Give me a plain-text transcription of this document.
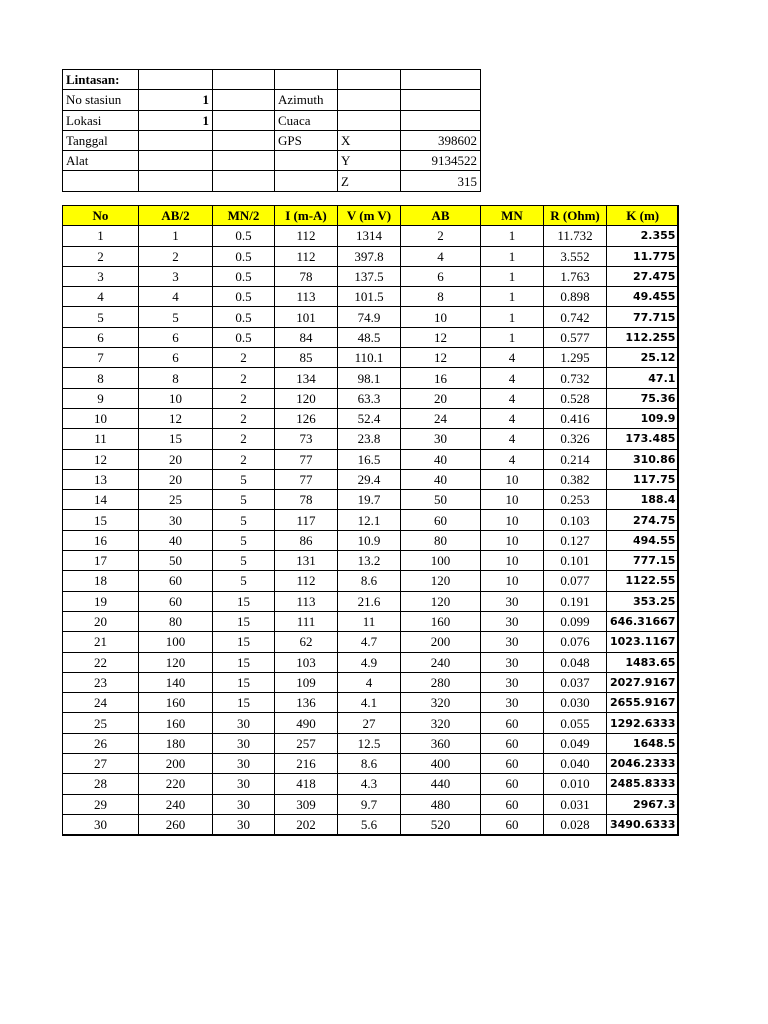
Lintasan:					
No stasiun	1		Azimuth		
Lokasi	1		Cuaca		
Tanggal			GPS	X	398602
Alat				Y	9134522
				Z	315
No	AB/2	MN/2	I (m-A)	V (m V)	AB	MN	R (Ohm)	K (m)
1	1	0.5	112	1314	2	1	11.732	2.355
2	2	0.5	112	397.8	4	1	3.552	11.775
3	3	0.5	78	137.5	6	1	1.763	27.475
4	4	0.5	113	101.5	8	1	0.898	49.455
5	5	0.5	101	74.9	10	1	0.742	77.715
6	6	0.5	84	48.5	12	1	0.577	112.255
7	6	2	85	110.1	12	4	1.295	25.12
8	8	2	134	98.1	16	4	0.732	47.1
9	10	2	120	63.3	20	4	0.528	75.36
10	12	2	126	52.4	24	4	0.416	109.9
11	15	2	73	23.8	30	4	0.326	173.485
12	20	2	77	16.5	40	4	0.214	310.86
13	20	5	77	29.4	40	10	0.382	117.75
14	25	5	78	19.7	50	10	0.253	188.4
15	30	5	117	12.1	60	10	0.103	274.75
16	40	5	86	10.9	80	10	0.127	494.55
17	50	5	131	13.2	100	10	0.101	777.15
18	60	5	112	8.6	120	10	0.077	1122.55
19	60	15	113	21.6	120	30	0.191	353.25
20	80	15	111	11	160	30	0.099	646.31667
21	100	15	62	4.7	200	30	0.076	1023.1167
22	120	15	103	4.9	240	30	0.048	1483.65
23	140	15	109	4	280	30	0.037	2027.9167
24	160	15	136	4.1	320	30	0.030	2655.9167
25	160	30	490	27	320	60	0.055	1292.6333
26	180	30	257	12.5	360	60	0.049	1648.5
27	200	30	216	8.6	400	60	0.040	2046.2333
28	220	30	418	4.3	440	60	0.010	2485.8333
29	240	30	309	9.7	480	60	0.031	2967.3
30	260	30	202	5.6	520	60	0.028	3490.6333
